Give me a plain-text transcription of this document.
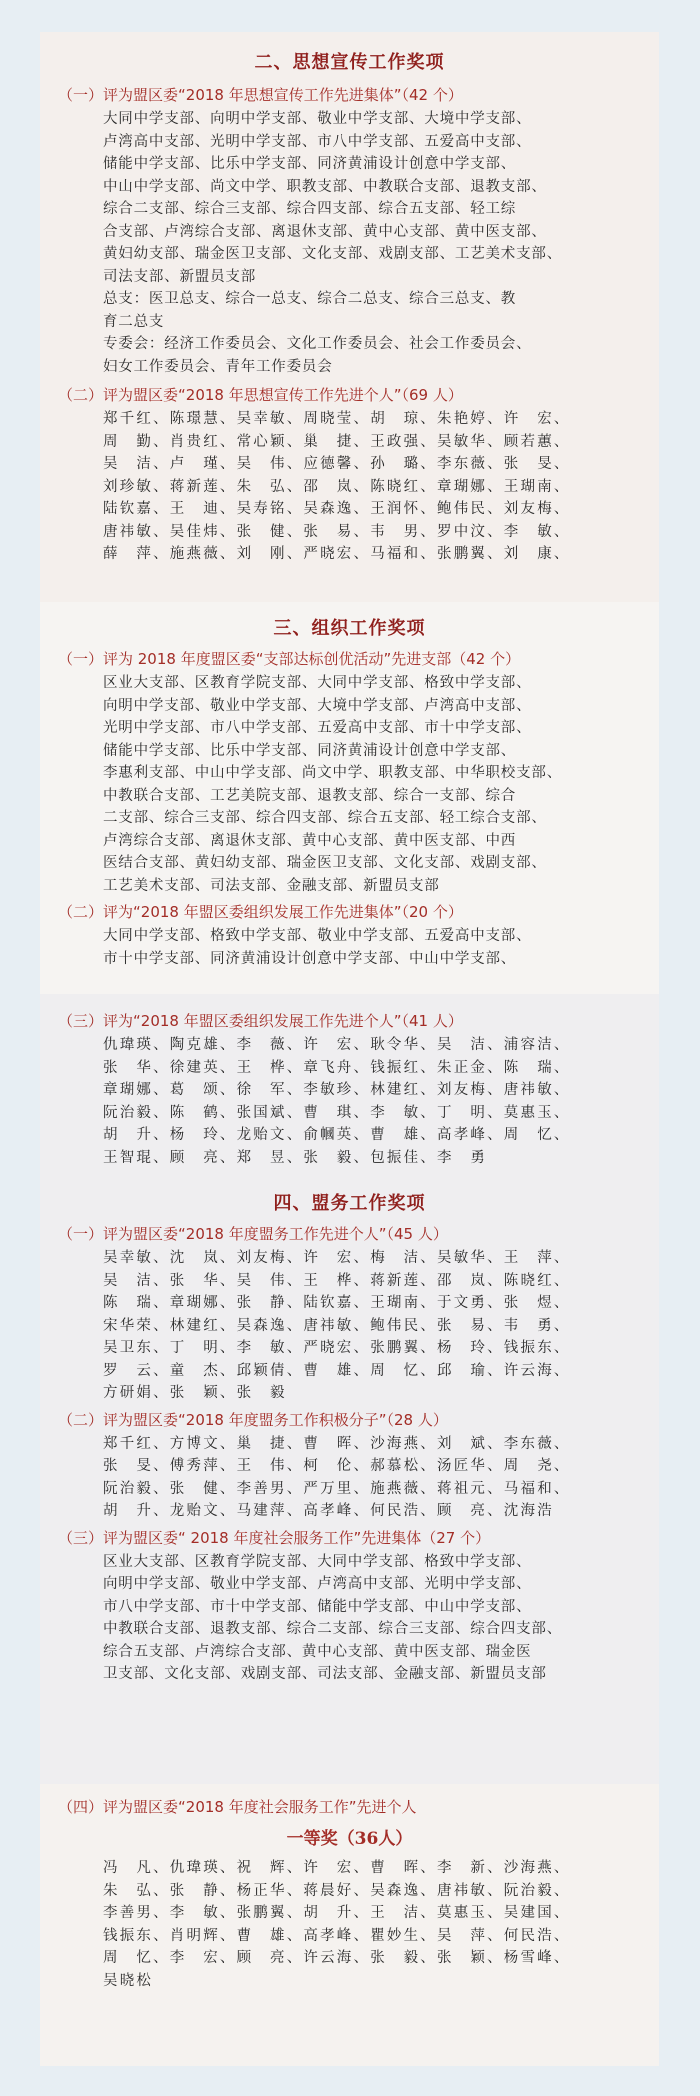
二、思想宣传工作奖项

（一）评为盟区委“2018 年思想宣传工作先进集体”（42 个）

大同中学支部、向明中学支部、敬业中学支部、大境中学支部、
卢湾高中支部、光明中学支部、市八中学支部、五爱高中支部、
储能中学支部、比乐中学支部、同济黄浦设计创意中学支部、
中山中学支部、尚文中学、职教支部、中教联合支部、退教支部、
综合二支部、综合三支部、综合四支部、综合五支部、轻工综
合支部、卢湾综合支部、离退休支部、黄中心支部、黄中医支部、
黄妇幼支部、瑞金医卫支部、文化支部、戏剧支部、工艺美术支部、
司法支部、新盟员支部
总支：医卫总支、综合一总支、综合二总支、综合三总支、教
育二总支
专委会：经济工作委员会、文化工作委员会、社会工作委员会、
妇女工作委员会、青年工作委员会

（二）评为盟区委“2018 年思想宣传工作先进个人”（69 人）

郑千红、陈璟慧、吴幸敏、周晓莹、胡　琼、朱艳婷、许　宏、
周　勤、肖贵红、常心颖、巢　捷、王政强、吴敏华、顾若蕙、
吴　洁、卢　瑾、吴　伟、应德馨、孙　璐、李东薇、张　旻、
刘珍敏、蒋新莲、朱　弘、邵　岚、陈晓红、章瑚娜、王瑚南、
陆钦嘉、王　迪、吴寿铭、吴森逸、王润怀、鲍伟民、刘友梅、
唐祎敏、吴佳炜、张　健、张　易、韦　男、罗中汶、李　敏、
薛　萍、施燕薇、刘　刚、严晓宏、马福和、张鹏翼、刘　康、
三、组织工作奖项

（一）评为 2018 年度盟区委“支部达标创优活动”先进支部（42 个）

区业大支部、区教育学院支部、大同中学支部、格致中学支部、
向明中学支部、敬业中学支部、大境中学支部、卢湾高中支部、
光明中学支部、市八中学支部、五爱高中支部、市十中学支部、
储能中学支部、比乐中学支部、同济黄浦设计创意中学支部、
李惠利支部、中山中学支部、尚文中学、职教支部、中华职校支部、
中教联合支部、工艺美院支部、退教支部、综合一支部、综合
二支部、综合三支部、综合四支部、综合五支部、轻工综合支部、
卢湾综合支部、离退休支部、黄中心支部、黄中医支部、中西
医结合支部、黄妇幼支部、瑞金医卫支部、文化支部、戏剧支部、
工艺美术支部、司法支部、金融支部、新盟员支部

（二）评为“2018 年盟区委组织发展工作先进集体”（20 个）

大同中学支部、格致中学支部、敬业中学支部、五爱高中支部、
市十中学支部、同济黄浦设计创意中学支部、中山中学支部、

（三）评为“2018 年盟区委组织发展工作先进个人”（41 人）

仇瑋瑛、陶克雄、李　薇、许　宏、耿令华、吴　洁、浦容洁、
张　华、徐建英、王　桦、章飞舟、钱振红、朱正金、陈　瑞、
章瑚娜、葛　颂、徐　军、李敏珍、林建红、刘友梅、唐祎敏、
阮治毅、陈　鹤、张国斌、曹　琪、李　敏、丁　明、莫惠玉、
胡　升、杨　玲、龙贻文、俞幗英、曹　雄、高孝峰、周　忆、
王智琨、顾　亮、郑　昱、张　毅、包振佳、李　勇
四、盟务工作奖项

（一）评为盟区委“2018 年度盟务工作先进个人”（45 人）

吴幸敏、沈　岚、刘友梅、许　宏、梅　洁、吴敏华、王　萍、
吴　洁、张　华、吴　伟、王　桦、蒋新莲、邵　岚、陈晓红、
陈　瑞、章瑚娜、张　静、陆钦嘉、王瑚南、于文勇、张　煜、
宋华荣、林建红、吴森逸、唐祎敏、鲍伟民、张　易、韦　勇、
吴卫东、丁　明、李　敏、严晓宏、张鹏翼、杨　玲、钱振东、
罗　云、童　杰、邱颖倩、曹　雄、周　忆、邱　瑜、许云海、
方研娟、张　颖、张　毅

（二）评为盟区委“2018 年度盟务工作积极分子”（28 人）

郑千红、方博文、巢　捷、曹　晖、沙海燕、刘　斌、李东薇、
张　旻、傅秀萍、王　伟、柯　伦、郝慕松、汤匠华、周　尧、
阮治毅、张　健、李善男、严万里、施燕薇、蒋祖元、马福和、
胡　升、龙贻文、马建萍、高孝峰、何民浩、顾　亮、沈海浩

（三）评为盟区委“ 2018 年度社会服务工作”先进集体（27 个）

区业大支部、区教育学院支部、大同中学支部、格致中学支部、
向明中学支部、敬业中学支部、卢湾高中支部、光明中学支部、
市八中学支部、市十中学支部、储能中学支部、中山中学支部、
中教联合支部、退教支部、综合二支部、综合三支部、综合四支部、
综合五支部、卢湾综合支部、黄中心支部、黄中医支部、瑞金医
卫支部、文化支部、戏剧支部、司法支部、金融支部、新盟员支部

（四）评为盟区委“2018 年度社会服务工作”先进个人

一等奖（36人）
冯　凡、仇瑋瑛、祝　辉、许　宏、曹　晖、李　新、沙海燕、
朱　弘、张　静、杨正华、蒋晨好、吴森逸、唐祎敏、阮治毅、
李善男、李　敏、张鹏翼、胡　升、王　洁、莫惠玉、吴建国、
钱振东、肖明辉、曹　雄、高孝峰、瞿妙生、吴　萍、何民浩、
周　忆、李　宏、顾　亮、许云海、张　毅、张　颖、杨雪峰、
吴晓松
